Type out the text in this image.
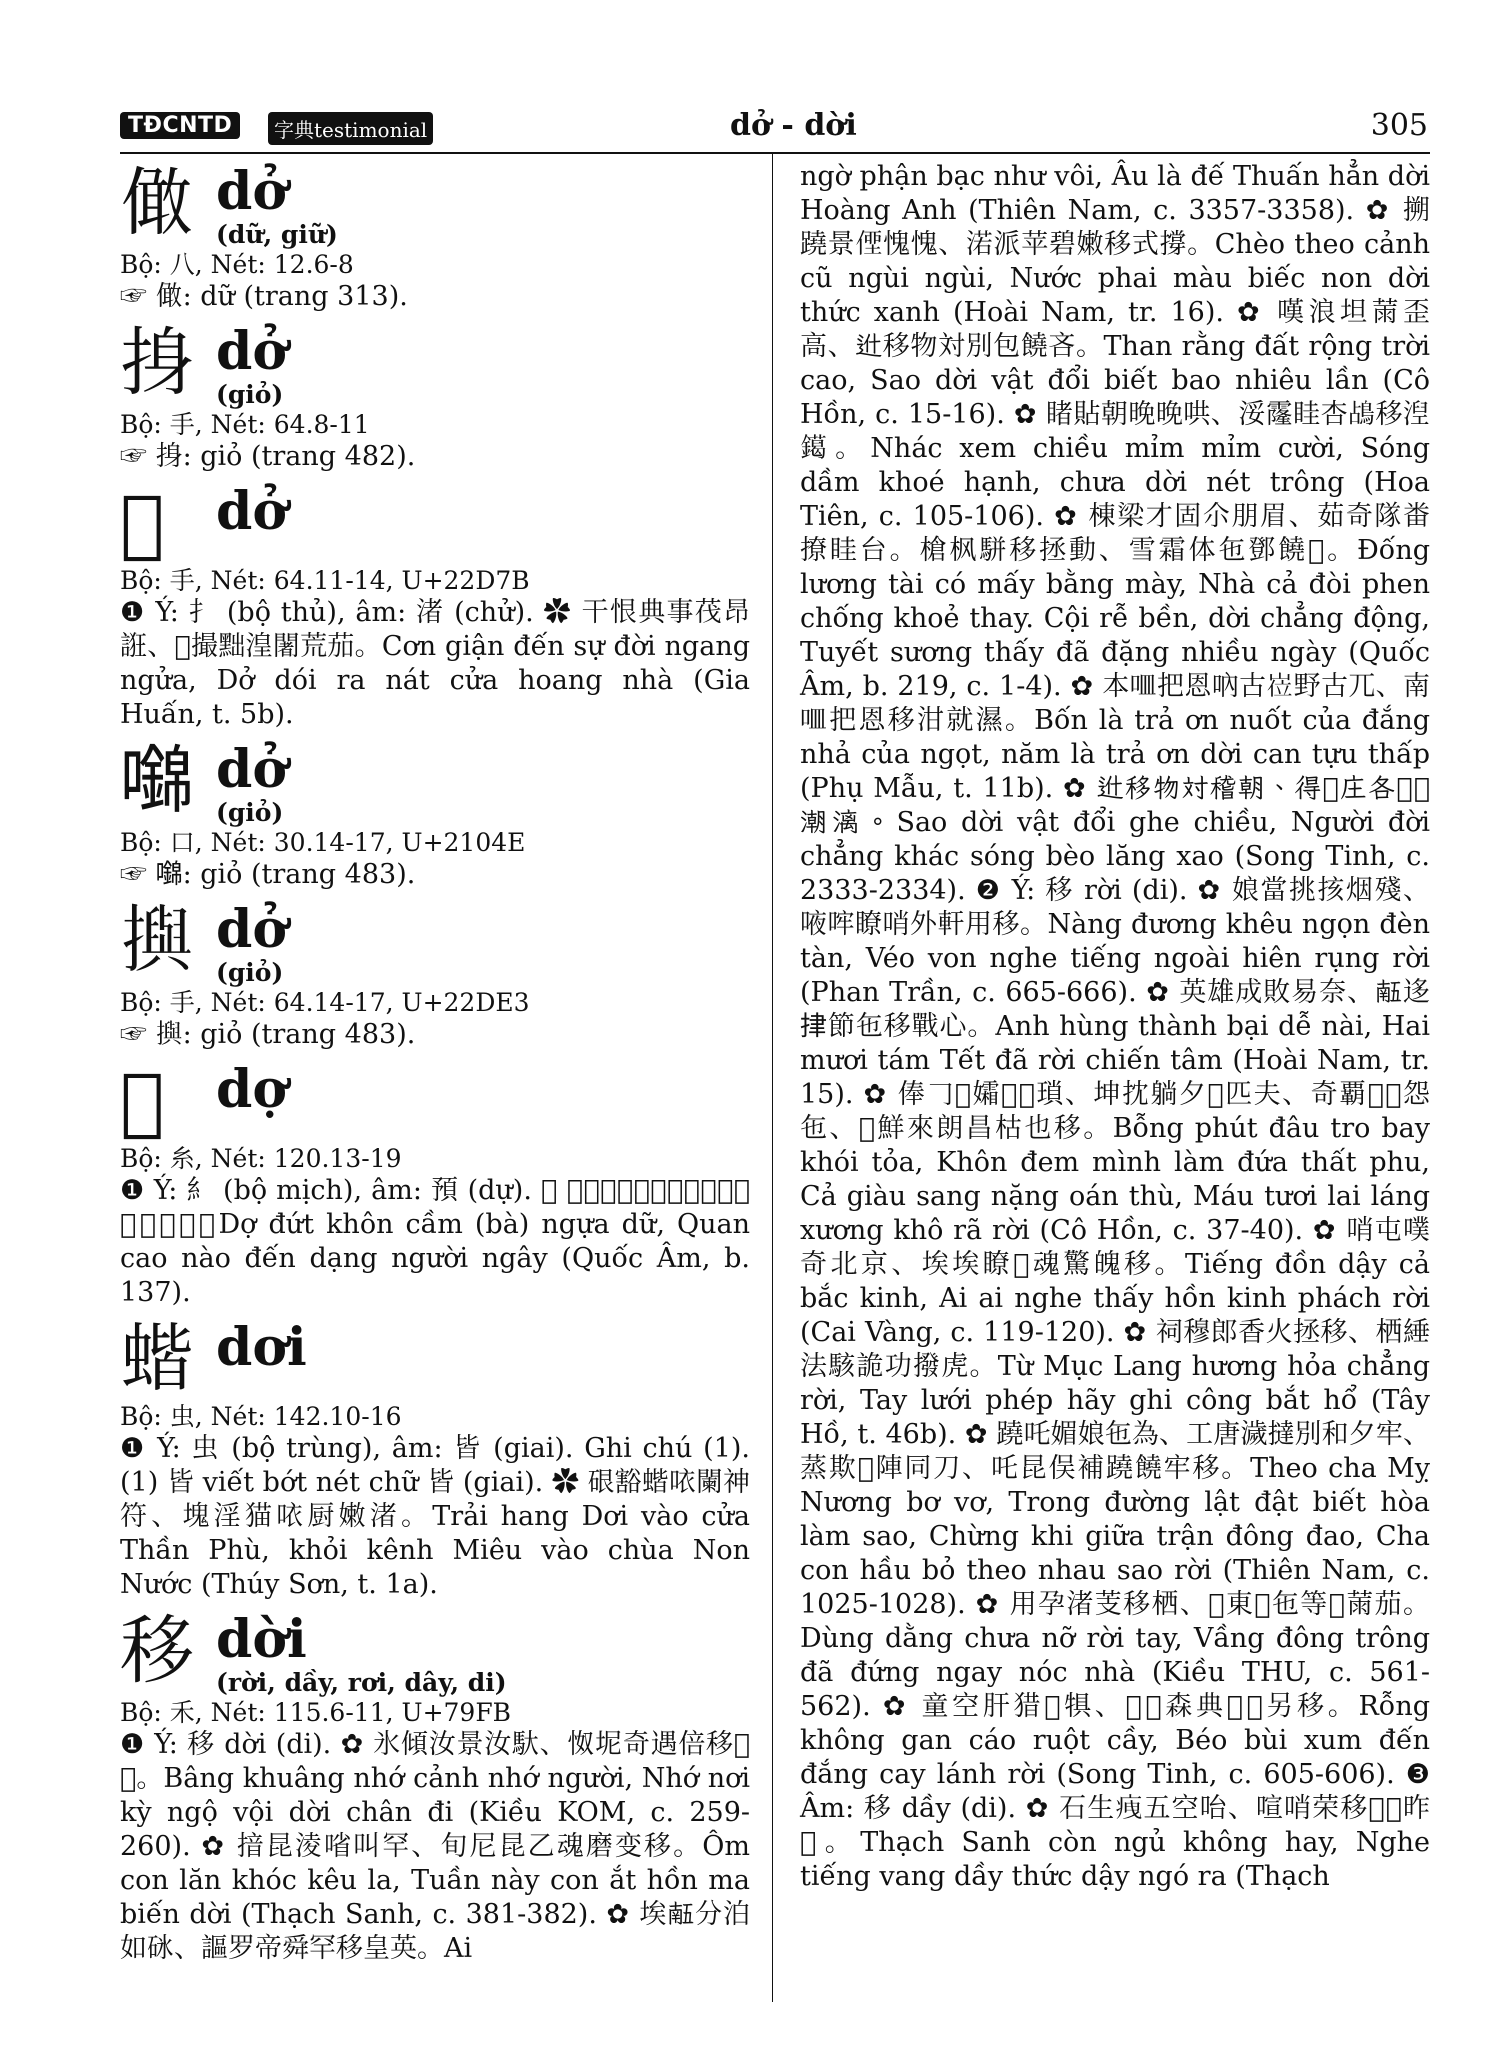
TĐCNTD	字典testimonial	dở - dời	305
㒈 dở
(dữ, giữ)
Bộ: 八, Nét: 12.6-8
☞ 㒈: dữ (trang 313).
㧶 dở
(giỏ)
Bộ: 手, Nét: 64.8-11
☞ 㧶: giỏ (trang 482).
𢵻 dở
Bộ: 手, Nét: 64.11-14, U+22D7B
❶ Ý: 扌 (bộ thủ), âm: 渚 (chử). ✿ 干恨典事茷昂誑、𢵻撮黜湟闍荒茄。Cơn giận đến sự đời ngang ngửa, Dở dói ra nát cửa hoang nhà (Gia Huấn, t. 5b).
𡄎 dở
(giỏ)
Bộ: 口, Nét: 30.14-17, U+2104E
☞ 𡄎: giỏ (trang 483).
𢷣 dở
(giỏ)
Bộ: 手, Nét: 64.14-17, U+22DE3
☞ 𢷣: giỏ (trang 483).
𦆣 dợ
Bộ: 糸, Nét: 120.13-19
❶ Ý: 糹 (bộ mịch), âm: 預 (dự). ✿ 𦆣怛坤拎婆馭㒈、官高市典羕馱痗。Dợ đứt khôn cầm (bà) ngựa dữ, Quan cao nào đến dạng người ngây (Quốc Âm, b. 137).
蝔 dơi
Bộ: 虫, Nét: 142.10-16
❶ Ý: 虫 (bộ trùng), âm: 皆 (giai). Ghi chú (1). (1) 皆 viết bớt nét chữ 皆 (giai). ✿ 硍豁蝔𠲖闌神符、塊淫猫𠲖厨嫩渚。Trải hang Dơi vào cửa Thần Phù, khỏi kênh Miêu vào chùa Non Nước (Thúy Sơn, t. 1a).
移 dời
(rời, dầy, rơi, dây, di)
Bộ: 禾, Nét: 115.6-11, U+79FB
❶ Ý: 移 dời (di). ✿ 氷傾汝景汝馱、怓坭奇遇倍移𨀈𧿆。Bâng khuâng nhớ cảnh nhớ người, Nhớ nơi kỳ ngộ vội dời chân đi (Kiều KOM, c. 259-260). ✿ 揞昆淩㗂叫罕、旬尼昆乙魂磨变移。Ôm con lăn khóc kêu la, Tuần này con ắt hồn ma biến dời (Thạch Sanh, c. 381-382). ✿ 埃𠄼分泊如砯、謳罗帝舜罕移皇英。Ai
ngờ phận bạc như vôi, Âu là đế Thuấn hẳn dời Hoàng Anh (Thiên Nam, c. 3357-3358). ✿ 搠蹺景𠋿愧愧、渃派苹碧嫩移式撐。Chèo theo cảnh cũ ngùi ngùi, Nước phai màu biếc non dời thức xanh (Hoài Nam, tr. 16). ✿ 嘆浪坦𦲸歪高、𨑮移物対別包饒吝。Than rằng đất rộng trời cao, Sao dời vật đổi biết bao nhiêu lần (Cô Hồn, c. 15-16). ✿ 睹貼朝晚晚哄、浽霳眭杏𪀄移湼𨭛。Nhác xem chiều mỉm mỉm cười, Sóng dầm khoé hạnh, chưa dời nét trông (Hoa Tiên, c. 105-106). ✿ 棟梁才固尒朋眉、茹奇隊畨撩眭台。槍枫駢移拯動、雪霜体㐌鄧饒𣇞。Đống lương tài có mấy bằng mày, Nhà cả đòi phen chống khoẻ thay. Cội rễ bền, dời chẳng động, Tuyết sương thấy đã đặng nhiều ngày (Quốc Âm, b. 219, c. 1-4). ✿ 本𠰘把恩吶古𡸏野古兀、南𠰘把恩移泔就濕。Bốn là trả ơn nuốt của đắng nhả của ngọt, năm là trả ơn dời can tựu thấp (Phụ Mẫu, t. 11b). ✿ 𨑮移物対稽朝、得𦬑庄各浽𤁕潮漓。Sao dời vật đổi ghe chiều, Người đời chẳng khác sóng bèo lăng xao (Song Tinh, c. 2333-2334). ❷ Ý: 移 rời (di). ✿ 娘當挑㧡烟殘、㖡哰瞭哨外軒用移。Nàng đương khêu ngọn đèn tàn, Véo von nghe tiếng ngoài hiên rụng rời (Phan Trần, c. 665-666). ✿ 英雄成敗易奈、𠄼迻𢫫節㐌移戰心。Anh hùng thành bại dễ nài, Hai mươi tám Tết đã rời chiến tâm (Hoài Nam, tr. 15). ✿ 俸𠃌𠺙孀𨁟𡏧瑣、坤抌躺夕𠀧匹夫、奇覇𪓷𥗍怨㐌、𣈙鮮來朗昌枯也移。Bỗng phút đâu tro bay khói tỏa, Khôn đem mình làm đứa thất phu, Cả giàu sang nặng oán thù, Máu tươi lai láng xương khô rã rời (Cô Hồn, c. 37-40). ✿ 哨屯噗奇北京、埃埃瞭𧡊魂驚魄移。Tiếng đồn dậy cả bắc kinh, Ai ai nghe thấy hồn kinh phách rời (Cai Vàng, c. 119-120). ✿ 祠穆郎香火拯移、栖綞法駭詭功撥虎。Từ Mục Lang hương hỏa chẳng rời, Tay lưới phép hãy ghi công bắt hổ (Tây Hồ, t. 46b). ✿ 蹺吒媚娘㐌為、工唐濊撻別和夕牢、蒸欺𤞻陣同刀、吒昆俣補蹺饒牢移。Theo cha Mỵ Nương bơ vơ, Trong đường lật đật biết hòa làm sao, Chừng khi giữa trận đông đao, Cha con hầu bỏ theo nhau sao rời (Thiên Nam, c. 1025-1028). ✿ 用孕渚芰移栖、𥪝東𥊘㐌等𧿆𦲸茄。Dùng dằng chưa nỡ rời tay, Vầng đông trông đã đứng ngay nóc nhà (Kiều THU, c. 561-562). ✿ 童空肝猎𦛌犋、𦟐𧞣森典𡸏𦰝另移。Rỗng không gan cáo ruột cầy, Béo bùi xum đến đắng cay lánh rời (Song Tinh, c. 605-606). ❸ Âm: 移 dầy (di). ✿ 石生𤵺五空咍、喧哨荣移𥋳𠯇昨𠴍。Thạch Sanh còn ngủ không hay, Nghe tiếng vang dầy thức dậy ngó ra (Thạch
